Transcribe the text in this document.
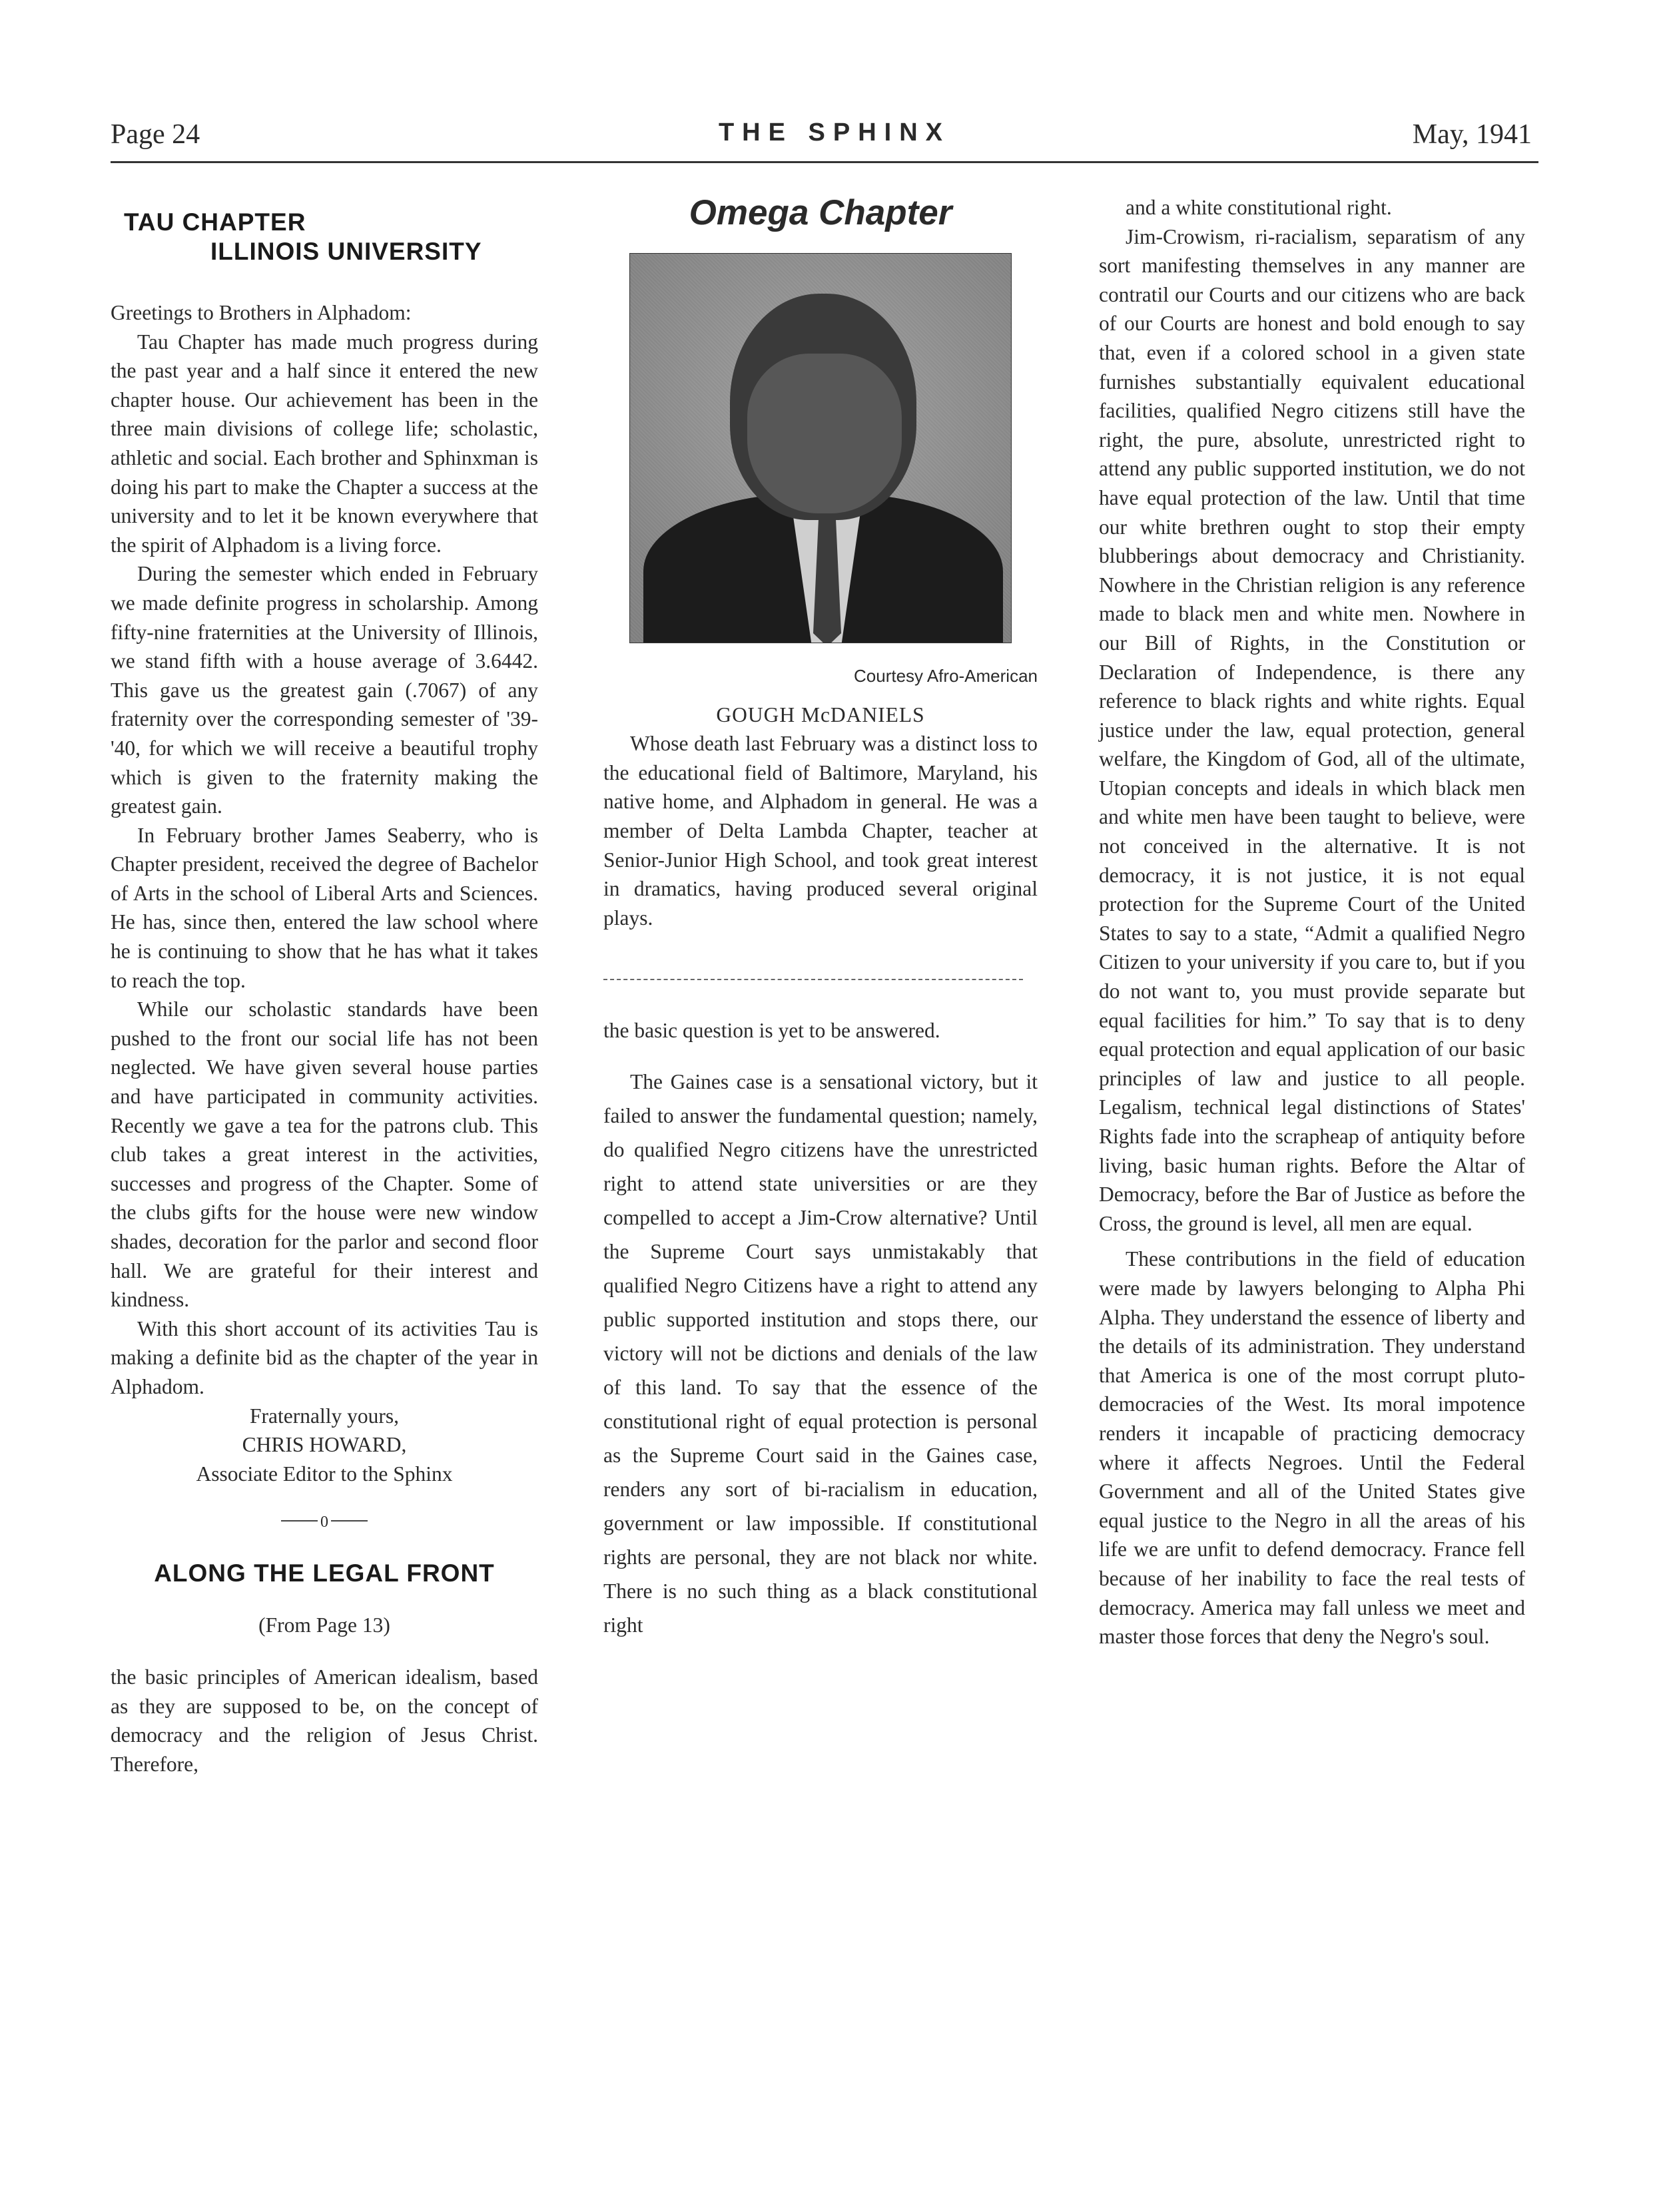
Page 24	THE SPHINX	May, 1941
TAU CHAPTER
ILLINOIS UNIVERSITY

Greetings to Brothers in Alphadom:

Tau Chapter has made much progress during the past year and a half since it entered the new chapter house. Our achievement has been in the three main divisions of college life; scholastic, athletic and social. Each brother and Sphinxman is doing his part to make the Chapter a success at the university and to let it be known everywhere that the spirit of Alphadom is a living force.

During the semester which ended in February we made definite progress in scholarship. Among fifty-nine fraternities at the University of Illinois, we stand fifth with a house average of 3.6442. This gave us the greatest gain (.7067) of any fraternity over the corresponding semester of '39-'40, for which we will receive a beautiful trophy which is given to the fraternity making the greatest gain.

In February brother James Seaberry, who is Chapter president, received the degree of Bachelor of Arts in the school of Liberal Arts and Sciences. He has, since then, entered the law school where he is continuing to show that he has what it takes to reach the top.

While our scholastic standards have been pushed to the front our social life has not been neglected. We have given several house parties and have participated in community activities. Recently we gave a tea for the patrons club. This club takes a great interest in the activities, successes and progress of the Chapter. Some of the clubs gifts for the house were new window shades, decoration for the parlor and second floor hall. We are grateful for their interest and kindness.

With this short account of its activities Tau is making a definite bid as the chapter of the year in Alphadom.

Fraternally yours,

CHRIS HOWARD,

Associate Editor to the Sphinx

0
ALONG THE LEGAL FRONT

(From Page 13)

the basic principles of American idealism, based as they are supposed to be, on the concept of democracy and the religion of Jesus Christ. Therefore,

Omega Chapter
Courtesy Afro-American

GOUGH McDANIELS

Whose death last February was a distinct loss to the educational field of Baltimore, Maryland, his native home, and Alphadom in general. He was a member of Delta Lambda Chapter, teacher at Senior-Junior High School, and took great interest in dramatics, having produced several original plays.

the basic question is yet to be answered.

The Gaines case is a sensational victory, but it failed to answer the fundamental question; namely, do qualified Negro citizens have the unrestricted right to attend state universities or are they compelled to accept a Jim-Crow alternative? Until the Supreme Court says unmistakably that qualified Negro Citizens have a right to attend any public supported institution and stops there, our victory will not be dictions and denials of the law of this land. To say that the essence of the constitutional right of equal protection is personal as the Supreme Court said in the Gaines case, renders any sort of bi-racialism in education, government or law impossible. If constitutional rights are personal, they are not black nor white. There is no such thing as a black constitutional right

and a white constitutional right.

Jim-Crowism, ri-racialism, separatism of any sort manifesting themselves in any manner are contratil our Courts and our citizens who are back of our Courts are honest and bold enough to say that, even if a colored school in a given state furnishes substantially equivalent educational facilities, qualified Negro citizens still have the right, the pure, absolute, unrestricted right to attend any public supported institution, we do not have equal protection of the law. Until that time our white brethren ought to stop their empty blubberings about democracy and Christianity. Nowhere in the Christian religion is any reference made to black men and white men. Nowhere in our Bill of Rights, in the Constitution or Declaration of Independence, is there any reference to black rights and white rights. Equal justice under the law, equal protection, general welfare, the Kingdom of God, all of the ultimate, Utopian concepts and ideals in which black men and white men have been taught to believe, were not conceived in the alternative. It is not democracy, it is not justice, it is not equal protection for the Supreme Court of the United States to say to a state, “Admit a qualified Negro Citizen to your university if you care to, but if you do not want to, you must provide separate but equal facilities for him.” To say that is to deny equal protection and equal application of our basic principles of law and justice to all people. Legalism, technical legal distinctions of States' Rights fade into the scrapheap of antiquity before living, basic human rights. Before the Altar of Democracy, before the Bar of Justice as before the Cross, the ground is level, all men are equal.

These contributions in the field of education were made by lawyers belonging to Alpha Phi Alpha. They understand the essence of liberty and the details of its administration. They understand that America is one of the most corrupt pluto-democracies of the West. Its moral impotence renders it incapable of practicing democracy where it affects Negroes. Until the Federal Government and all of the United States give equal justice to the Negro in all the areas of his life we are unfit to defend democracy. France fell because of her inability to face the real tests of democracy. America may fall unless we meet and master those forces that deny the Negro's soul.
